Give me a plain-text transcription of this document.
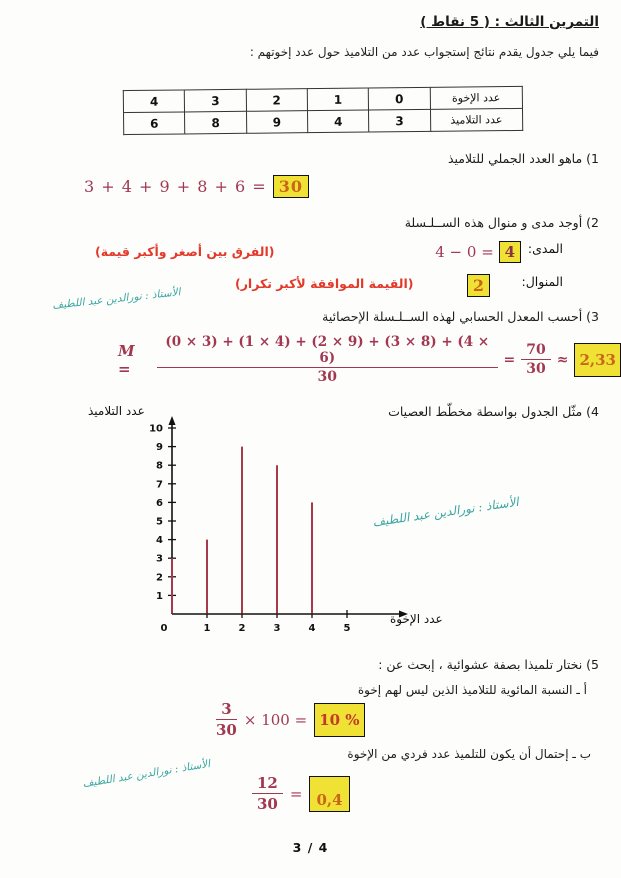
التمرين الثالث : ( 5 نقاط )
فيما يلي جدول يقدم نتائج إستجواب عدد من التلاميذ حول عدد إخوتهم :
عدد الإخوة	0	1	2	3	4
عدد التلاميذ	3	4	9	8	6
1) ماهو العدد الجملي للتلاميذ
3 + 4 + 9 + 8 + 6 = 30
2) أوجد مدى و منوال هذه الســلـسلة
المدى:
4 − 0 = 4
(الفرق بين أصغر وأكبر قيمة)
المنوال:
2
(القيمة الموافقة لأكبر تكرار)
الأستاذ : نورالدين عبد اللطيف
3) أحسب المعدل الحسابي لهذه الســلـسلة الإحصائية
M =	$\frac{(0 \times 3) + (1 \times 4) + (2 \times 9) + (3 \times 8) + (4 \times 6)}{30} = \frac{70}{30} \approx 2,33$
4) مثّل الجدول بواسطة مخطّط العصيات
عدد التلاميذ
1
2
3
4
5
6
7
8
9
10
0	1	2	3	4	5
عدد الإخوة
الأستاذ : نورالدين عبد اللطيف
5) نختار تلميذا بصفة عشوائية ، إبحث عن :
أ ـ النسبة المائوية للتلاميذ الذين ليس لهم إخوة
$\frac{3}{30} \times 100 = 10$ %
ب ـ إحتمال أن يكون للتلميذ عدد فردي من الإخوة
الأستاذ : نورالدين عبد اللطيف	$\frac{12}{30} = 0,4$
3 / 4
